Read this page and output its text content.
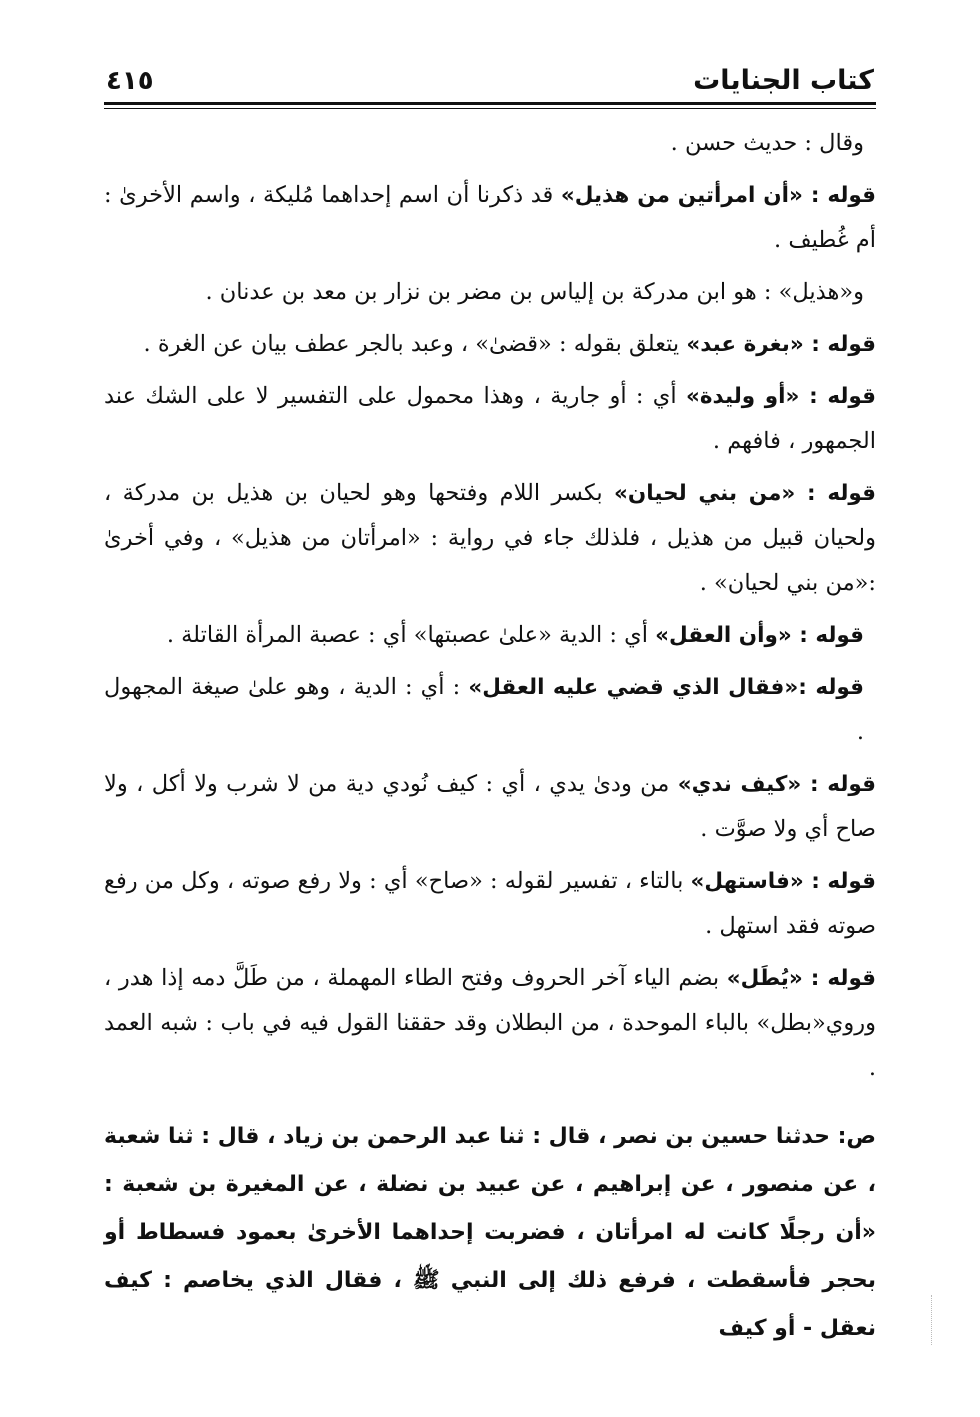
كتاب الجنايات
٤١٥

وقال : حديث حسن .

قوله : «أن امرأتين من هذيل» قد ذكرنا أن اسم إحداهما مُليكة ، واسم الأخرىٰ : أم غُطيف .

و«هذيل» : هو ابن مدركة بن إلياس بن مضر بن نزار بن معد بن عدنان .

قوله : «بغرة عبد» يتعلق بقوله : «قضىٰ» ، وعبد بالجر عطف بيان عن الغرة .

قوله : «أو وليدة» أي : أو جارية ، وهذا محمول على التفسير لا على الشك عند الجمهور ، فافهم .

قوله : «من بني لحيان» بكسر اللام وفتحها وهو لحيان بن هذيل بن مدركة ، ولحيان قبيل من هذيل ، فلذلك جاء في رواية : «امرأتان من هذيل» ، وفي أخرىٰ :«من بني لحيان» .

قوله : «وأن العقل» أي : الدية «علىٰ عصبتها» أي : عصبة المرأة القاتلة .

قوله :«فقال الذي قضي عليه العقل» : أي : الدية ، وهو علىٰ صيغة المجهول .

قوله : «كيف ندي» من ودىٰ يدي ، أي : كيف نُودي دية من لا شرب ولا أكل ، ولا صاح أي ولا صوَّت .

قوله : «فاستهل» بالتاء ، تفسير لقوله : «صاح» أي : ولا رفع صوته ، وكل من رفع صوته فقد استهل .

قوله : «يُطَل» بضم الياء آخر الحروف وفتح الطاء المهملة ، من طَلَّ دمه إذا هدر ، وروي«بطل» بالباء الموحدة ، من البطلان وقد حققنا القول فيه في باب : شبه العمد .

ص: حدثنا حسين بن نصر ، قال : ثنا عبد الرحمن بن زياد ، قال : ثنا شعبة ، عن منصور ، عن إبراهيم ، عن عبيد بن نضلة ، عن المغيرة بن شعبة : «أن رجلًا كانت له امرأتان ، فضربت إحداهما الأخرىٰ بعمود فسطاط أو بحجر فأسقطت ، فرفع ذلك إلى النبي ﷺ ، فقال الذي يخاصم : كيف نعقل - أو كيف
